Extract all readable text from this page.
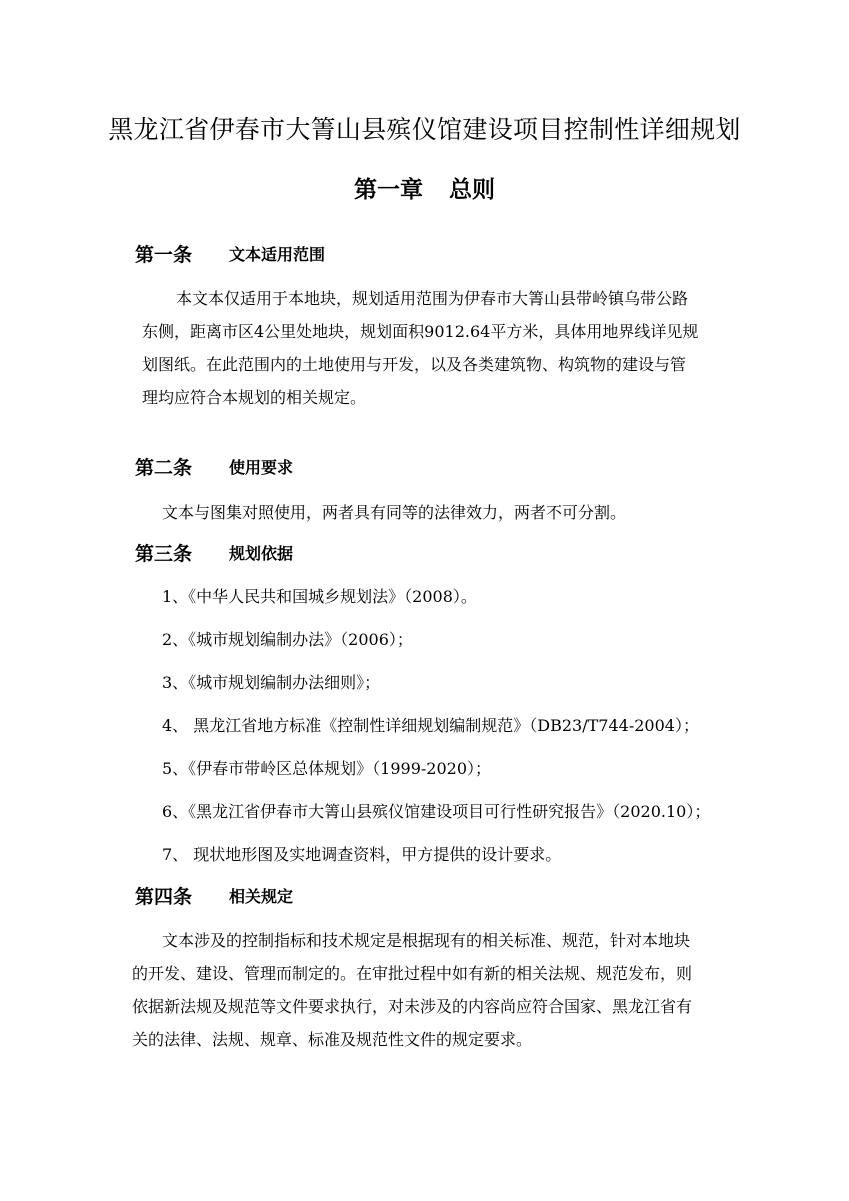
黑龙江省伊春市大箐山县殡仪馆建设项目控制性详细规划
第一章 总则
第一条 文本适用范围
本文本仅适用于本地块，规划适用范围为伊春市大箐山县带岭镇乌带公路
东侧，距离市区4公里处地块，规划面积9012.64平方米，具体用地界线详见规
划图纸。在此范围内的土地使用与开发，以及各类建筑物、构筑物的建设与管
理均应符合本规划的相关规定。
第二条 使用要求
文本与图集对照使用，两者具有同等的法律效力，两者不可分割。
第三条 规划依据
1、《中华人民共和国城乡规划法》（2008）。
2、《城市规划编制办法》（2006）；
3、《城市规划编制办法细则》；
4、 黑龙江省地方标准《控制性详细规划编制规范》（DB23/T744-2004）；
5、《伊春市带岭区总体规划》（1999-2020）；
6、《黑龙江省伊春市大箐山县殡仪馆建设项目可行性研究报告》（2020.10）；
7、 现状地形图及实地调查资料，甲方提供的设计要求。
第四条 相关规定
文本涉及的控制指标和技术规定是根据现有的相关标准、规范，针对本地块
的开发、建设、管理而制定的。在审批过程中如有新的相关法规、规范发布，则
依据新法规及规范等文件要求执行，对未涉及的内容尚应符合国家、黑龙江省有
关的法律、法规、规章、标准及规范性文件的规定要求。
